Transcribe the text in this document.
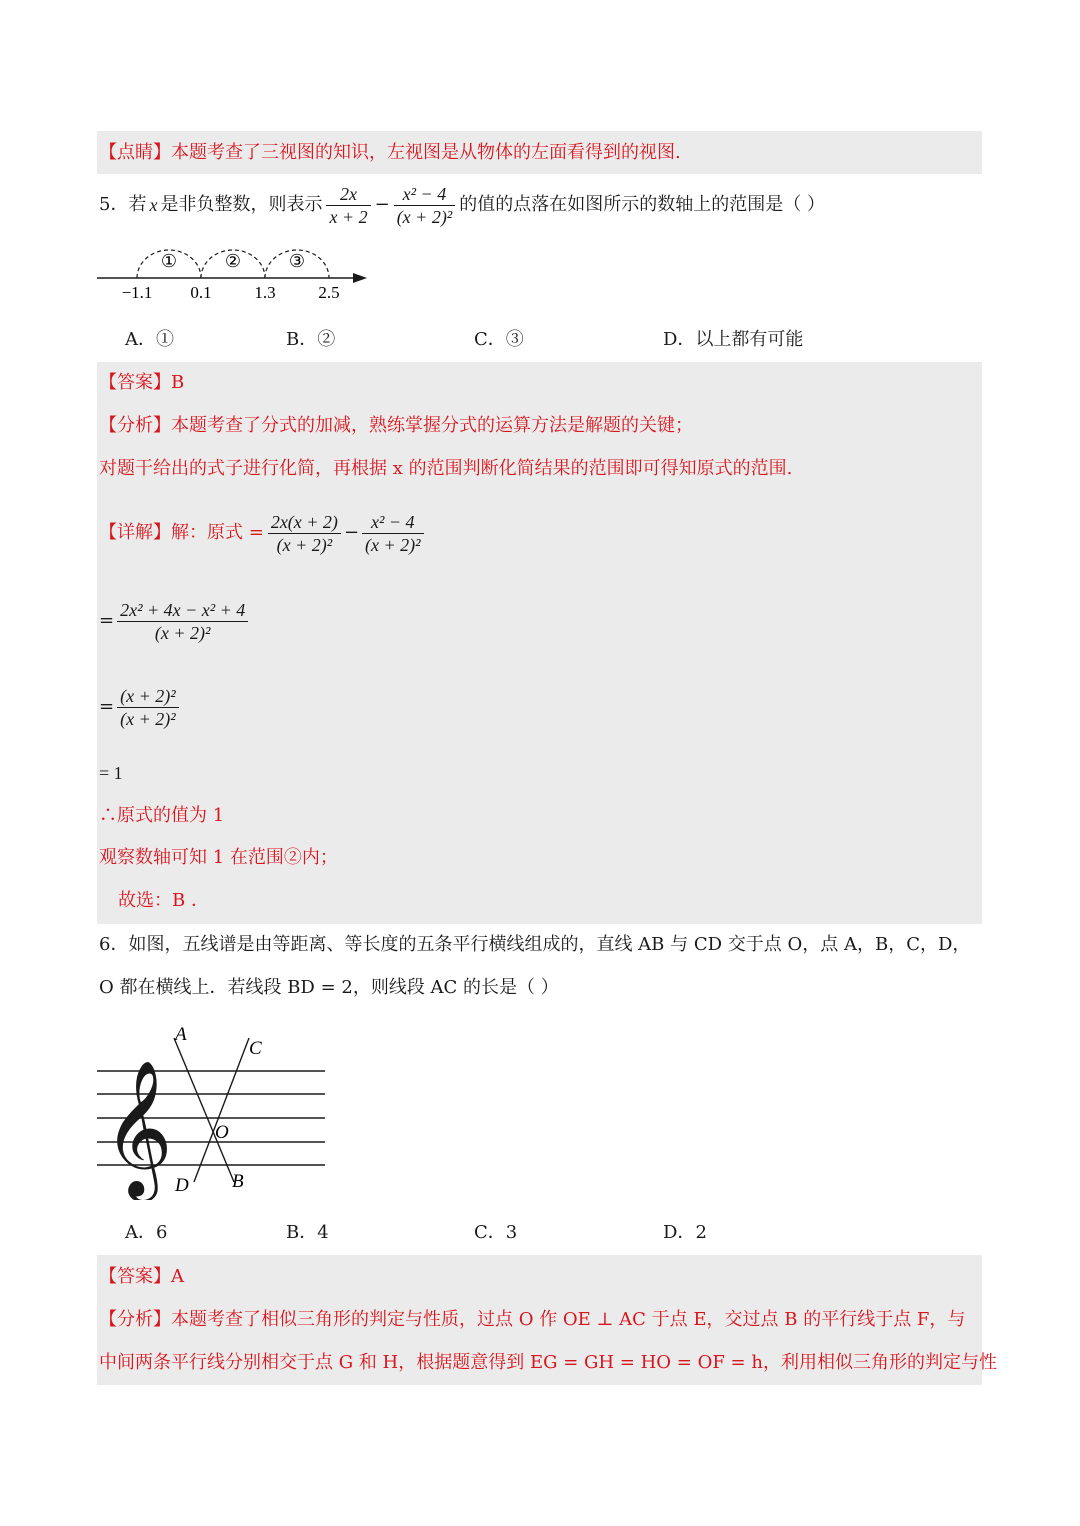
【点睛】本题考查了三视图的知识，左视图是从物体的左面看得到的视图.
5．若 x 是非负整数，则表示 $\frac{2x}{x + 2} - \frac{\text{x² − 4}}{\text{(x + 2)²}}$ 的值的点落在如图所示的数轴上的范围是（ ）
①	②	③
−1.1 0.1	1.3	2.5
A．①	B．②	C．③	D．以上都有可能
【答案】B
【分析】本题考查了分式的加减，熟练掌握分式的运算方法是解题的关键；
对题干给出的式子进行化简，再根据 x 的范围判断化简结果的范围即可得知原式的范围.
【详解】 解：原式 = $\frac{2x(x + 2)}{\text{(x + 2)²}} - \frac{\text{x² − 4}}{\text{(x + 2)²}}$
= $\frac{\text{2x² + 4x − x² + 4}}{\text{(x + 2)²}}$
= $\frac{\text{(x + 2)²}}{\text{(x + 2)²}}$
= 1
∴原式的值为 1
观察数轴可知 1 在范围②内；
故选：B ．
6．如图，五线谱是由等距离、等长度的五条平行横线组成的，直线 AB 与 CD 交于点 O，点 A，B，C，D，
O 都在横线上．若线段 BD = 2，则线段 AC 的长是（ ）
𝄞
A
C
O
D B
A．6	B．4	C．3	D．2
【答案】A
【分析】本题考查了相似三角形的判定与性质，过点 O 作 OE ⊥ AC 于点 E，交过点 B 的平行线于点 F，与
中间两条平行线分别相交于点 G 和 H，根据题意得到 EG = GH = HO = OF = h，利用相似三角形的判定与性
